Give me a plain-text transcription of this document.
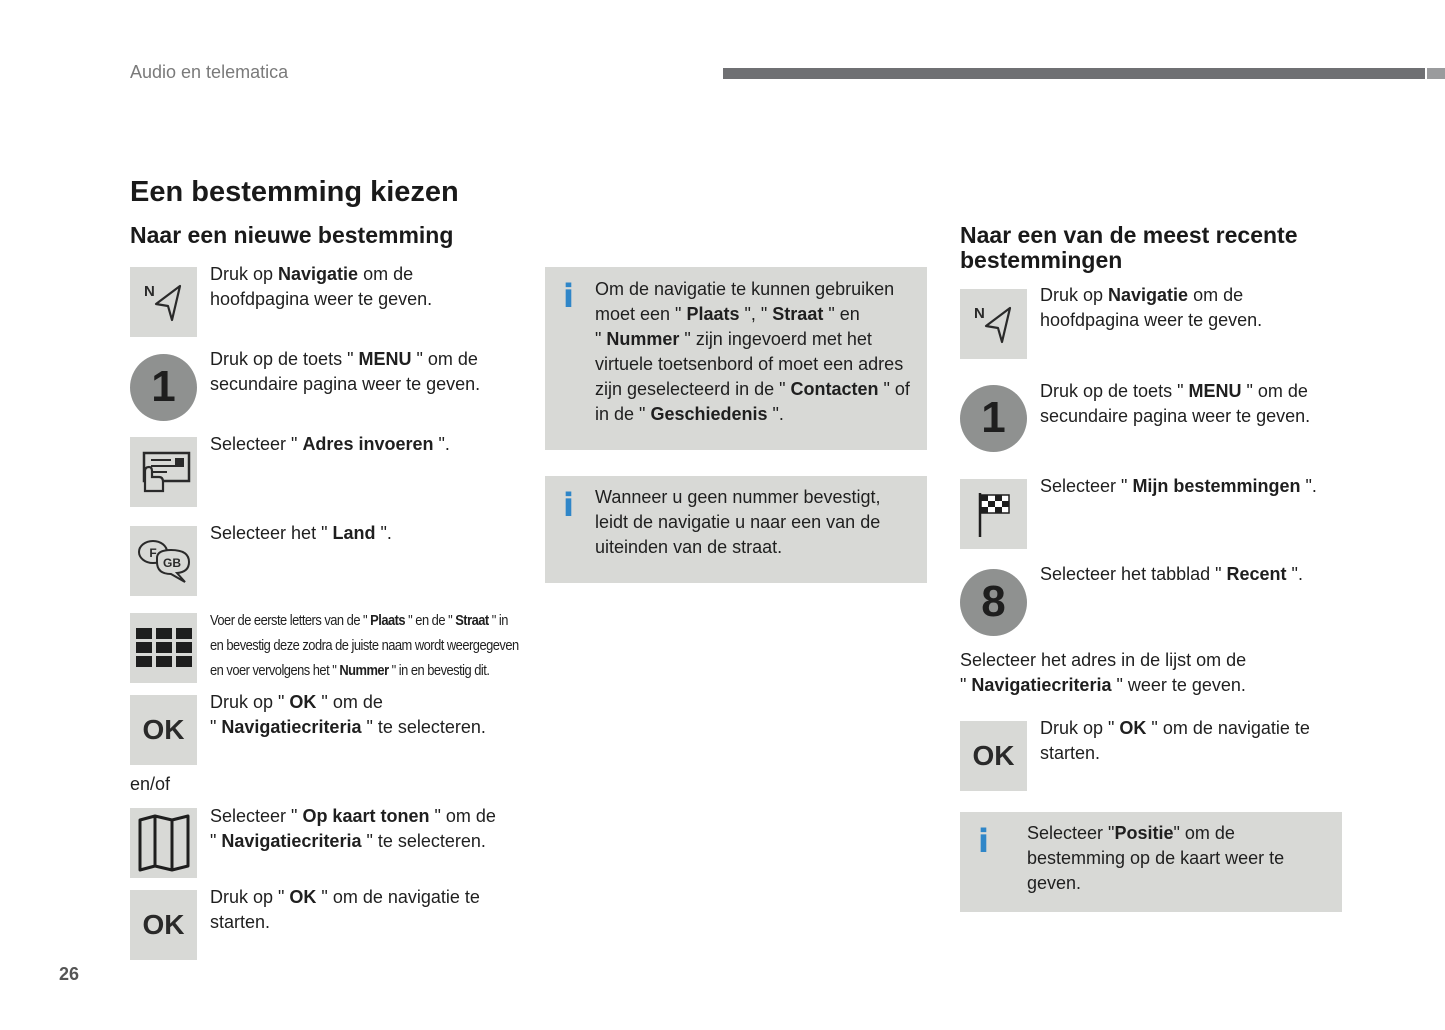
Audio en telematica
Een bestemming kiezen
Naar een nieuwe bestemming
N
Druk op Navigatie om de hoofdpagina weer te geven.
1
Druk op de toets " MENU " om de secundaire pagina weer te geven.
Selecteer " Adres invoeren ".
F
GB
Selecteer het " Land ".
Voer de eerste letters van de " Plaats " en de " Straat " in
en bevestig deze zodra de juiste naam wordt weergegeven
en voer vervolgens het " Nummer " in en bevestig dit.
OK
Druk op " OK " om de
" Navigatiecriteria " te selecteren.
en/of
Selecteer " Op kaart tonen " om de
" Navigatiecriteria " te selecteren.
OK
Druk op " OK " om de navigatie te starten.
i Om de navigatie te kunnen gebruiken
moet een " Plaats ", " Straat " en
" Nummer " zijn ingevoerd met het
virtuele toetsenbord of moet een adres
zijn geselecteerd in de " Contacten " of
in de " Geschiedenis ".
i Wanneer u geen nummer bevestigt, leidt de navigatie u naar een van de uiteinden van de straat.
Naar een van de meest recente
bestemmingen
N
Druk op Navigatie om de hoofdpagina weer te geven.
1
Druk op de toets " MENU " om de secundaire pagina weer te geven.
Selecteer " Mijn bestemmingen ".
8
Selecteer het tabblad " Recent ".
Selecteer het adres in de lijst om de
" Navigatiecriteria " weer te geven.
OK
Druk op " OK " om de navigatie te starten.
i Selecteer "Positie" om de bestemming op de kaart weer te geven.
26
